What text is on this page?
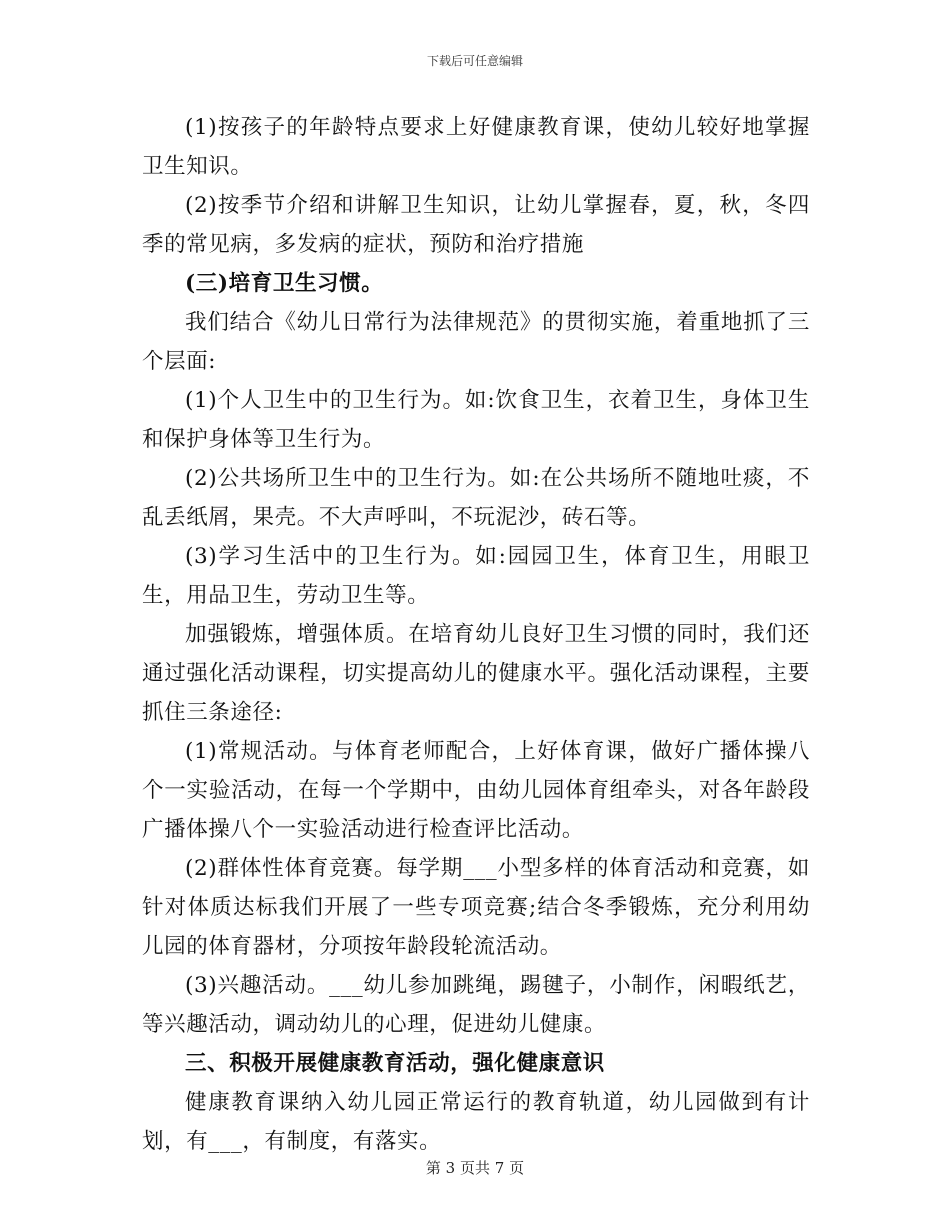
下载后可任意编辑

(1)按孩子的年龄特点要求上好健康教育课，使幼儿较好地掌握卫生知识。

(2)按季节介绍和讲解卫生知识，让幼儿掌握春，夏，秋，冬四季的常见病，多发病的症状，预防和治疗措施

(三)培育卫生习惯。

我们结合《幼儿日常行为法律规范》的贯彻实施，着重地抓了三个层面:

(1)个人卫生中的卫生行为。如:饮食卫生，衣着卫生，身体卫生和保护身体等卫生行为。

(2)公共场所卫生中的卫生行为。如:在公共场所不随地吐痰，不乱丢纸屑，果壳。不大声呼叫，不玩泥沙，砖石等。

(3)学习生活中的卫生行为。如:园园卫生，体育卫生，用眼卫生，用品卫生，劳动卫生等。

加强锻炼，增强体质。在培育幼儿良好卫生习惯的同时，我们还通过强化活动课程，切实提高幼儿的健康水平。强化活动课程，主要抓住三条途径:

(1)常规活动。与体育老师配合，上好体育课，做好广播体操八个一实验活动，在每一个学期中，由幼儿园体育组牵头，对各年龄段广播体操八个一实验活动进行检查评比活动。

(2)群体性体育竞赛。每学期___小型多样的体育活动和竞赛，如针对体质达标我们开展了一些专项竞赛;结合冬季锻炼，充分利用幼儿园的体育器材，分项按年龄段轮流活动。

(3)兴趣活动。___幼儿参加跳绳，踢毽子，小制作，闲暇纸艺，等兴趣活动，调动幼儿的心理，促进幼儿健康。

三、积极开展健康教育活动，强化健康意识

健康教育课纳入幼儿园正常运行的教育轨道，幼儿园做到有计划，有___，有制度，有落实。

第 3 页共 7 页
